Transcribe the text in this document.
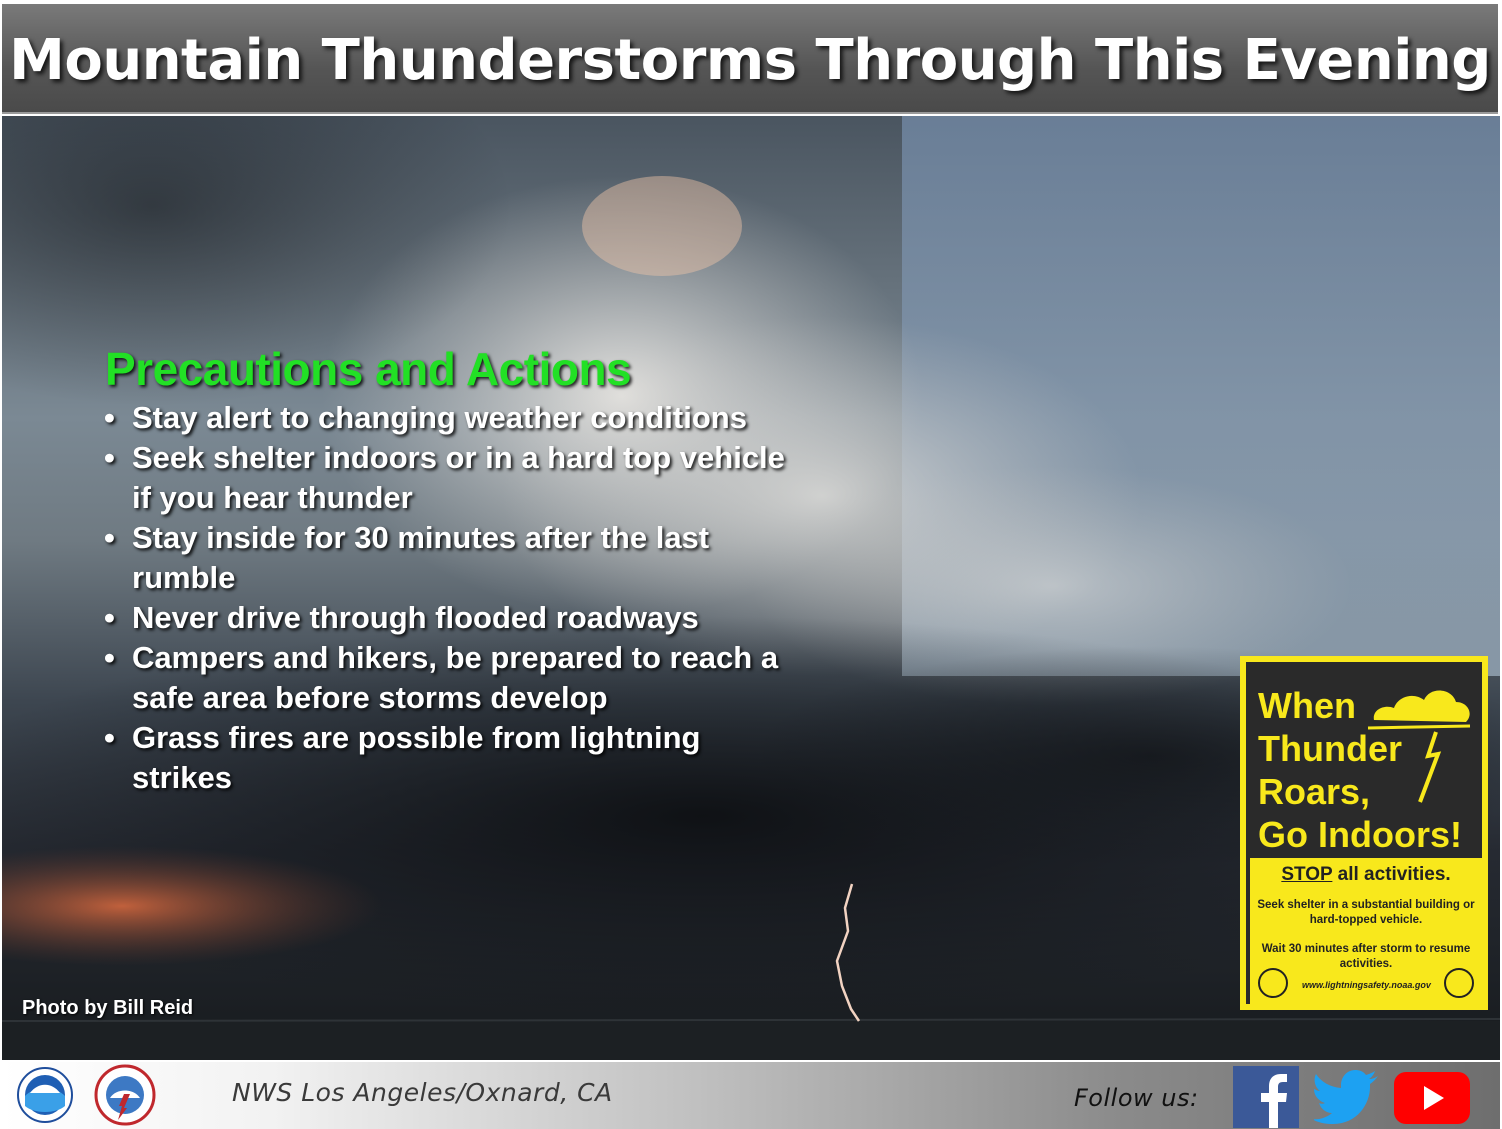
Mountain Thunderstorms Through This Evening
Precautions and Actions
• Stay alert to changing weather conditions
• Seek shelter indoors or in a hard top vehicle if you hear thunder
• Stay inside for 30 minutes after the last rumble
• Never drive through flooded roadways
• Campers and hikers, be prepared to reach a safe area before storms develop
• Grass fires are possible from lightning strikes
Photo by Bill Reid
When
Thunder
Roars,
Go Indoors!
STOP all activities.
Seek shelter in a substantial building or hard-topped vehicle.
Wait 30 minutes after storm to resume activities.
www.lightningsafety.noaa.gov
NWS Los Angeles/Oxnard, CA	Follow us:
